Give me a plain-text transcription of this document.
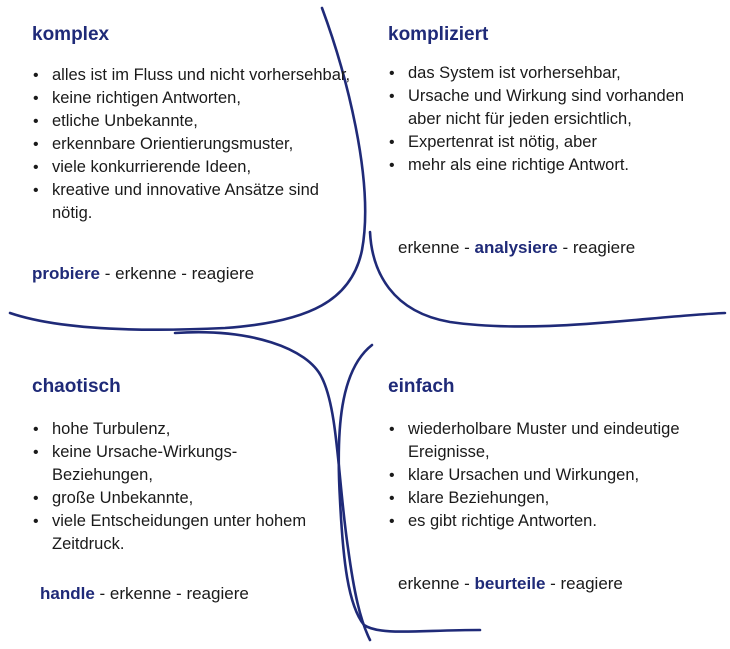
komplex
• alles ist im Fluss und nicht vorhersehbar,
• keine richtigen Antworten,
• etliche Unbekannte,
• erkennbare Orientierungsmuster,
• viele konkurrierende Ideen,
• kreative und innovative Ansätze sind nötig.
probiere - erkenne - reagiere
kompliziert
• das System ist vorhersehbar,
• Ursache und Wirkung sind vorhanden aber nicht für jeden ersichtlich,
• Expertenrat ist nötig, aber
• mehr als eine richtige Antwort.
erkenne - analysiere - reagiere
chaotisch
• hohe Turbulenz,
• keine Ursache-Wirkungs-Beziehungen,
• große Unbekannte,
• viele Entscheidungen unter hohem Zeitdruck.
handle - erkenne - reagiere
einfach
• wiederholbare Muster und eindeutige Ereignisse,
• klare Ursachen und Wirkungen,
• klare Beziehungen,
• es gibt richtige Antworten.
erkenne - beurteile - reagiere
